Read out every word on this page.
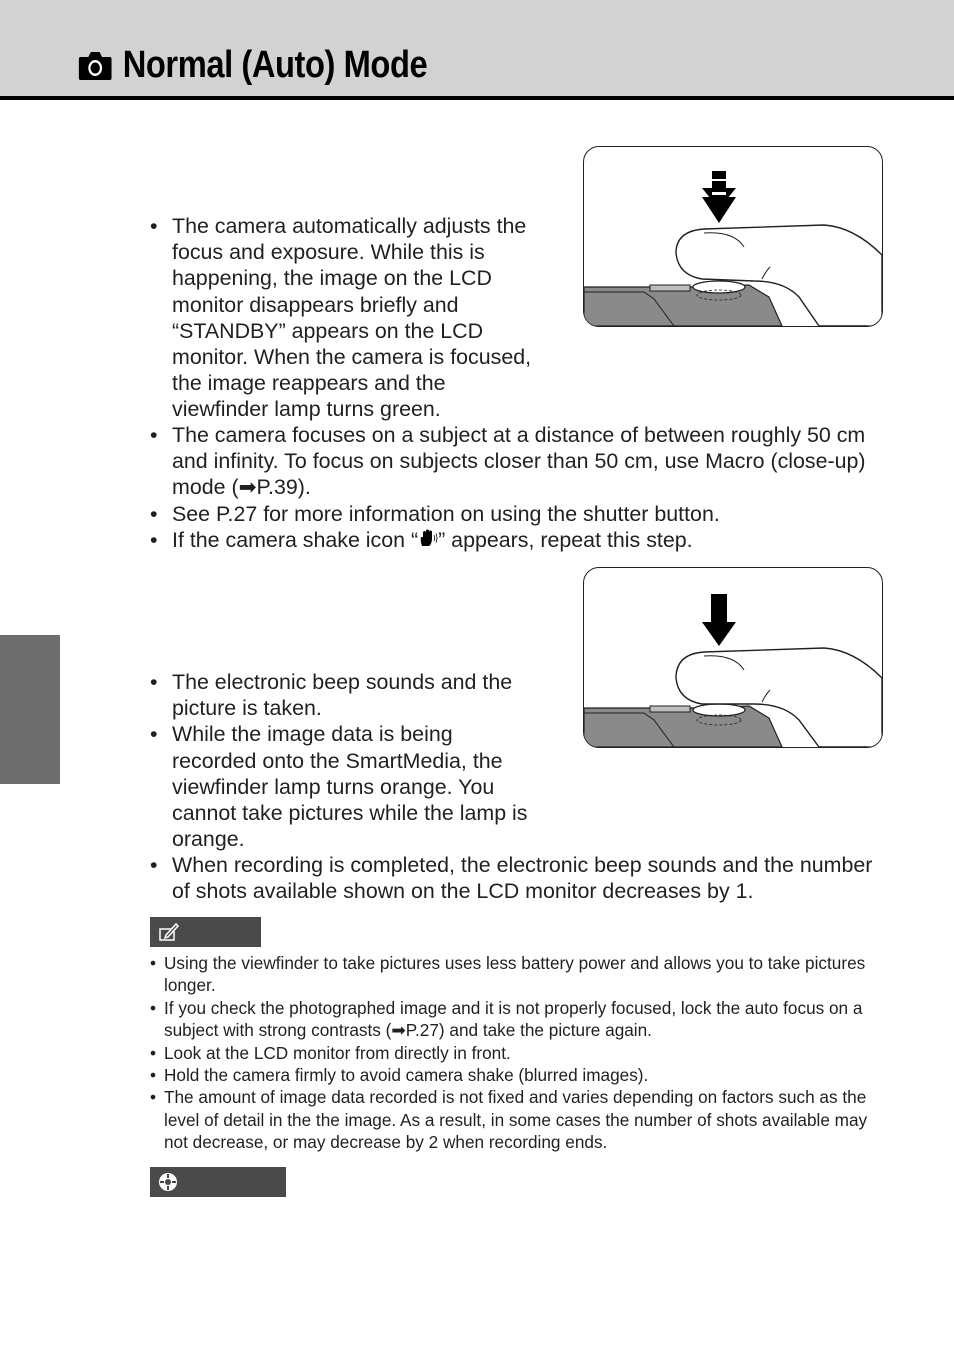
Normal (Auto) Mode
• The camera automatically adjusts the focus and exposure. While this is happening, the image on the LCD monitor disappears briefly and “STANDBY” appears on the LCD monitor. When the camera is focused, the image reappears and the viewfinder lamp turns green.
• The camera focuses on a subject at a distance of between roughly 50 cm and infinity. To focus on subjects closer than 50 cm, use Macro (close-up) mode (➡P.39).
• See P.27 for more information on using the shutter button.
• If the camera shake icon “ ” appears, repeat this step.
• The electronic beep sounds and the picture is taken.
• While the image data is being recorded onto the SmartMedia, the viewfinder lamp turns orange. You cannot take pictures while the lamp is orange.
• When recording is completed, the electronic beep sounds and the number of shots available shown on the LCD monitor decreases by 1.
• Using the viewfinder to take pictures uses less battery power and allows you to take pictures longer.
• If you check the photographed image and it is not properly focused, lock the auto focus on a subject with strong contrasts (➡P.27) and take the picture again.
• Look at the LCD monitor from directly in front.
• Hold the camera firmly to avoid camera shake (blurred images).
• The amount of image data recorded is not fixed and varies depending on factors such as the level of detail in the the image. As a result, in some cases the number of shots available may not decrease, or may decrease by 2 when recording ends.
